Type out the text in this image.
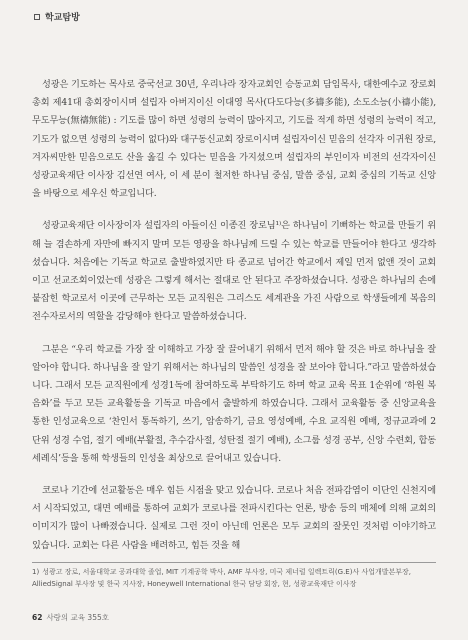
학교탐방

성광은 기도하는 목사로 중국선교 30년, 우리나라 장자교회인 승동교회 담임목사, 대한예수교 장로회 총회 제41대 총회장이시며 설립자 아버지이신 이대영 목사(다도다능(多禱多能), 소도소능(小禱小能), 무도무능(無禱無能) : 기도를 많이 하면 성령의 능력이 많아지고, 기도를 적게 하면 성령의 능력이 적고, 기도가 없으면 성령의 능력이 없다)와 대구동신교회 장로이시며 설립자이신 믿음의 선각자 이귀원 장로, 겨자씨만한 믿음으로도 산을 옮길 수 있다는 믿음을 가지셨으며 설립자의 부인이자 비전의 선각자이신 성광교육재단 이사장 김선연 여사, 이 세 분이 철저한 하나님 중심, 말씀 중심, 교회 중심의 기독교 신앙을 바탕으로 세우신 학교입니다.

성광교육재단 이사장이자 설립자의 아들이신 이종진 장로님¹⁾은 하나님이 기뻐하는 학교를 만들기 위해 늘 겸손하게 자만에 빠지지 말며 모든 영광을 하나님께 드릴 수 있는 학교를 만들어야 한다고 생각하셨습니다. 처음에는 기독교 학교로 출발하였지만 타 종교로 넘어간 학교에서 제일 먼저 없앤 것이 교회이고 선교조회이었는데 성광은 그렇게 해서는 절대로 안 된다고 주장하셨습니다. 성광은 하나님의 손에 붙잡힌 학교로서 이곳에 근무하는 모든 교직원은 그리스도 세계관을 가진 사람으로 학생들에게 복음의 전수자로서의 역할을 감당해야 한다고 말씀하셨습니다.

그분은 “우리 학교를 가장 잘 이해하고 가장 잘 끌어내기 위해서 먼저 해야 할 것은 바로 하나님을 잘 알아야 합니다. 하나님을 잘 알기 위해서는 하나님의 말씀인 성경을 잘 보아야 합니다.”라고 말씀하셨습니다. 그래서 모든 교직원에게 성경1독에 참여하도록 부탁하기도 하며 학교 교육 목표 1순위에 ‘하원 복음화’를 두고 모든 교육활동을 기독교 마음에서 출발하게 하였습니다. 그래서 교육활동 중 신앙교육을 통한 인성교육으로 ‘찬인서 통독하기, 쓰기, 암송하기, 금요 영성예배, 수요 교직원 예배, 정규교과에 2단위 성경 수업, 절기 예배(부활절, 추수감사절, 성탄절 절기 예배), 소그룹 성경 공부, 신앙 수련회, 합동 세례식’등을 통해 학생들의 인성을 최상으로 끌어내고 있습니다.

코로나 기간에 선교활동은 매우 힘든 시점을 맞고 있습니다. 코로나 처음 전파감염이 이단인 신천지에서 시작되었고, 대면 예배를 통하여 교회가 코로나를 전파시킨다는 언론, 방송 등의 매체에 의해 교회의 이미지가 많이 나빠졌습니다. 실제로 그런 것이 아닌데 언론은 모두 교회의 잘못인 것처럼 이야기하고 있습니다. 교회는 다른 사람을 배려하고, 힘든 것을 해

1) 성광고 장로, 서울대학교 공과대학 졸업, MIT 기계공학 박사, AMF 부사장, 미국 제너럴 일렉트릭(G.E)사 사업개발본부장, AlliedSignal 부사장 및 한국 지사장, Honeywell International 한국 담당 회장, 현, 성광교육재단 이사장
62 사랑의 교육 355호
